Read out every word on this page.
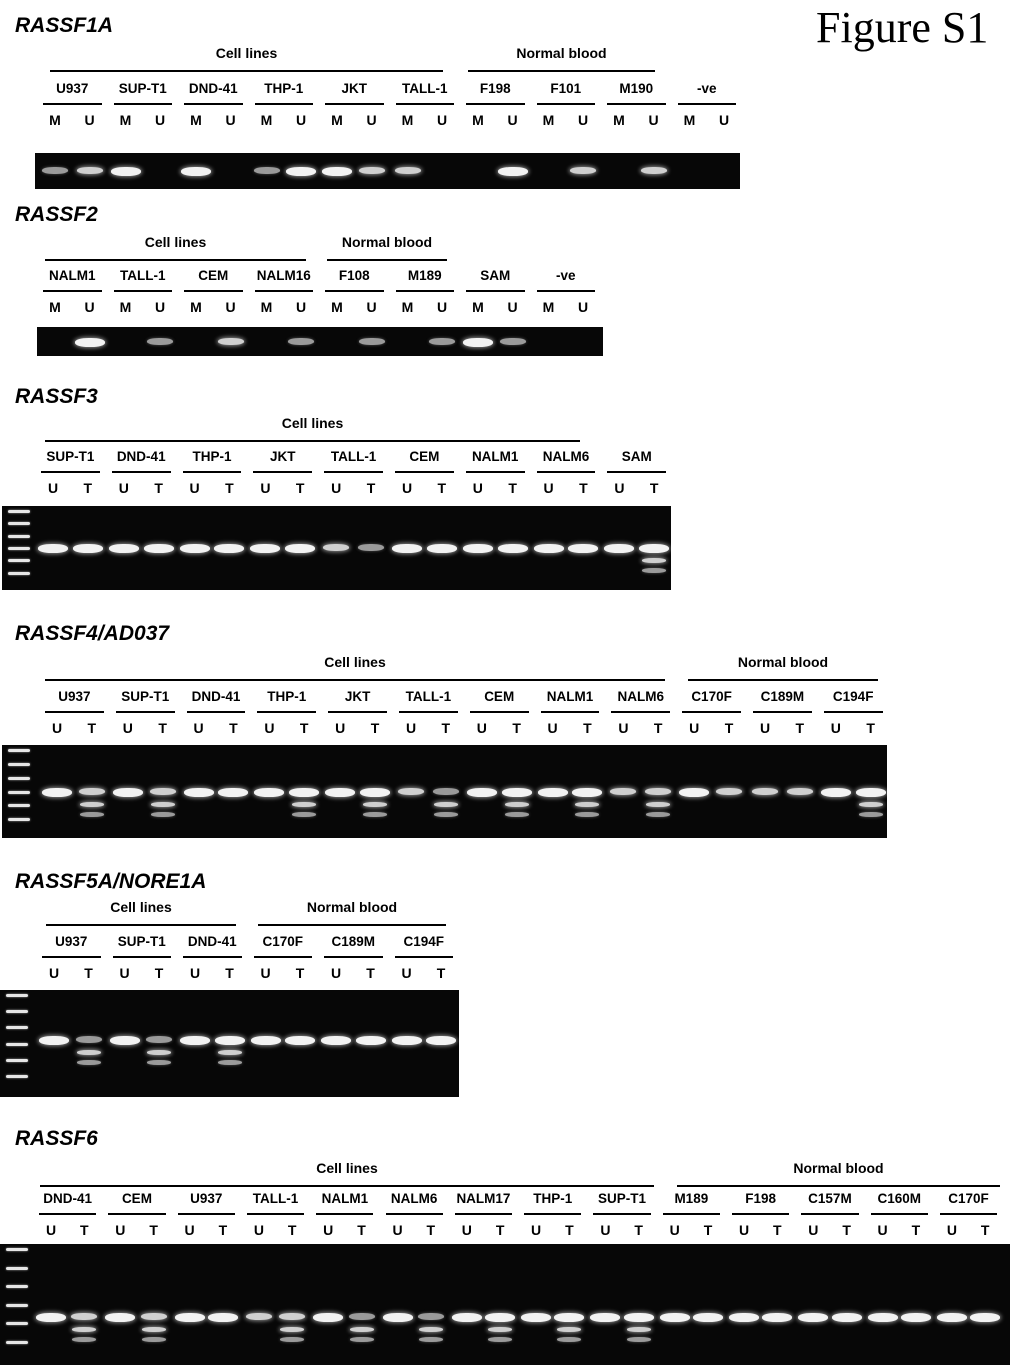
Figure S1
RASSF1A
Cell lines	Normal blood
U937
M U
SUP-T1
M U
DND-41
M U
THP-1
M U
JKT
M U
TALL-1
M U
F198
M U
F101
M U
M190
M U
-ve
M U
RASSF2
Cell lines	Normal blood
NALM1
M U
TALL-1
M U
CEM
M U
NALM16
M U
F108
M U
M189
M U
SAM
M U
-ve
M U
RASSF3
Cell lines
SUP-T1
U	T
DND-41
U	T
THP-1
U	T
JKT
U	T
TALL-1
U	T
CEM
U	T
NALM1
U	T
NALM6
U	T
SAM
U	T
RASSF4/AD037
Cell lines	Normal blood
U937
U	T
SUP-T1
U	T
DND-41
U	T
THP-1
U	T
JKT
U	T
TALL-1
U	T
CEM
U	T
NALM1
U	T
NALM6
U	T
C170F
U	T
C189M
U	T
C194F
U	T
RASSF5A/NORE1A
Cell lines	Normal blood
U937
U	T
SUP-T1
U	T
DND-41
U	T
C170F
U	T
C189M
U	T
C194F
U	T
RASSF6
Cell lines	Normal blood
DND-41
U	T
CEM
U	T
U937
U	T
TALL-1
U	T
NALM1
U	T
NALM6
U	T
NALM17
U	T
THP-1
U	T
SUP-T1
U	T
M189
U	T
F198
U	T
C157M
U	T
C160M
U	T
C170F
U	T
